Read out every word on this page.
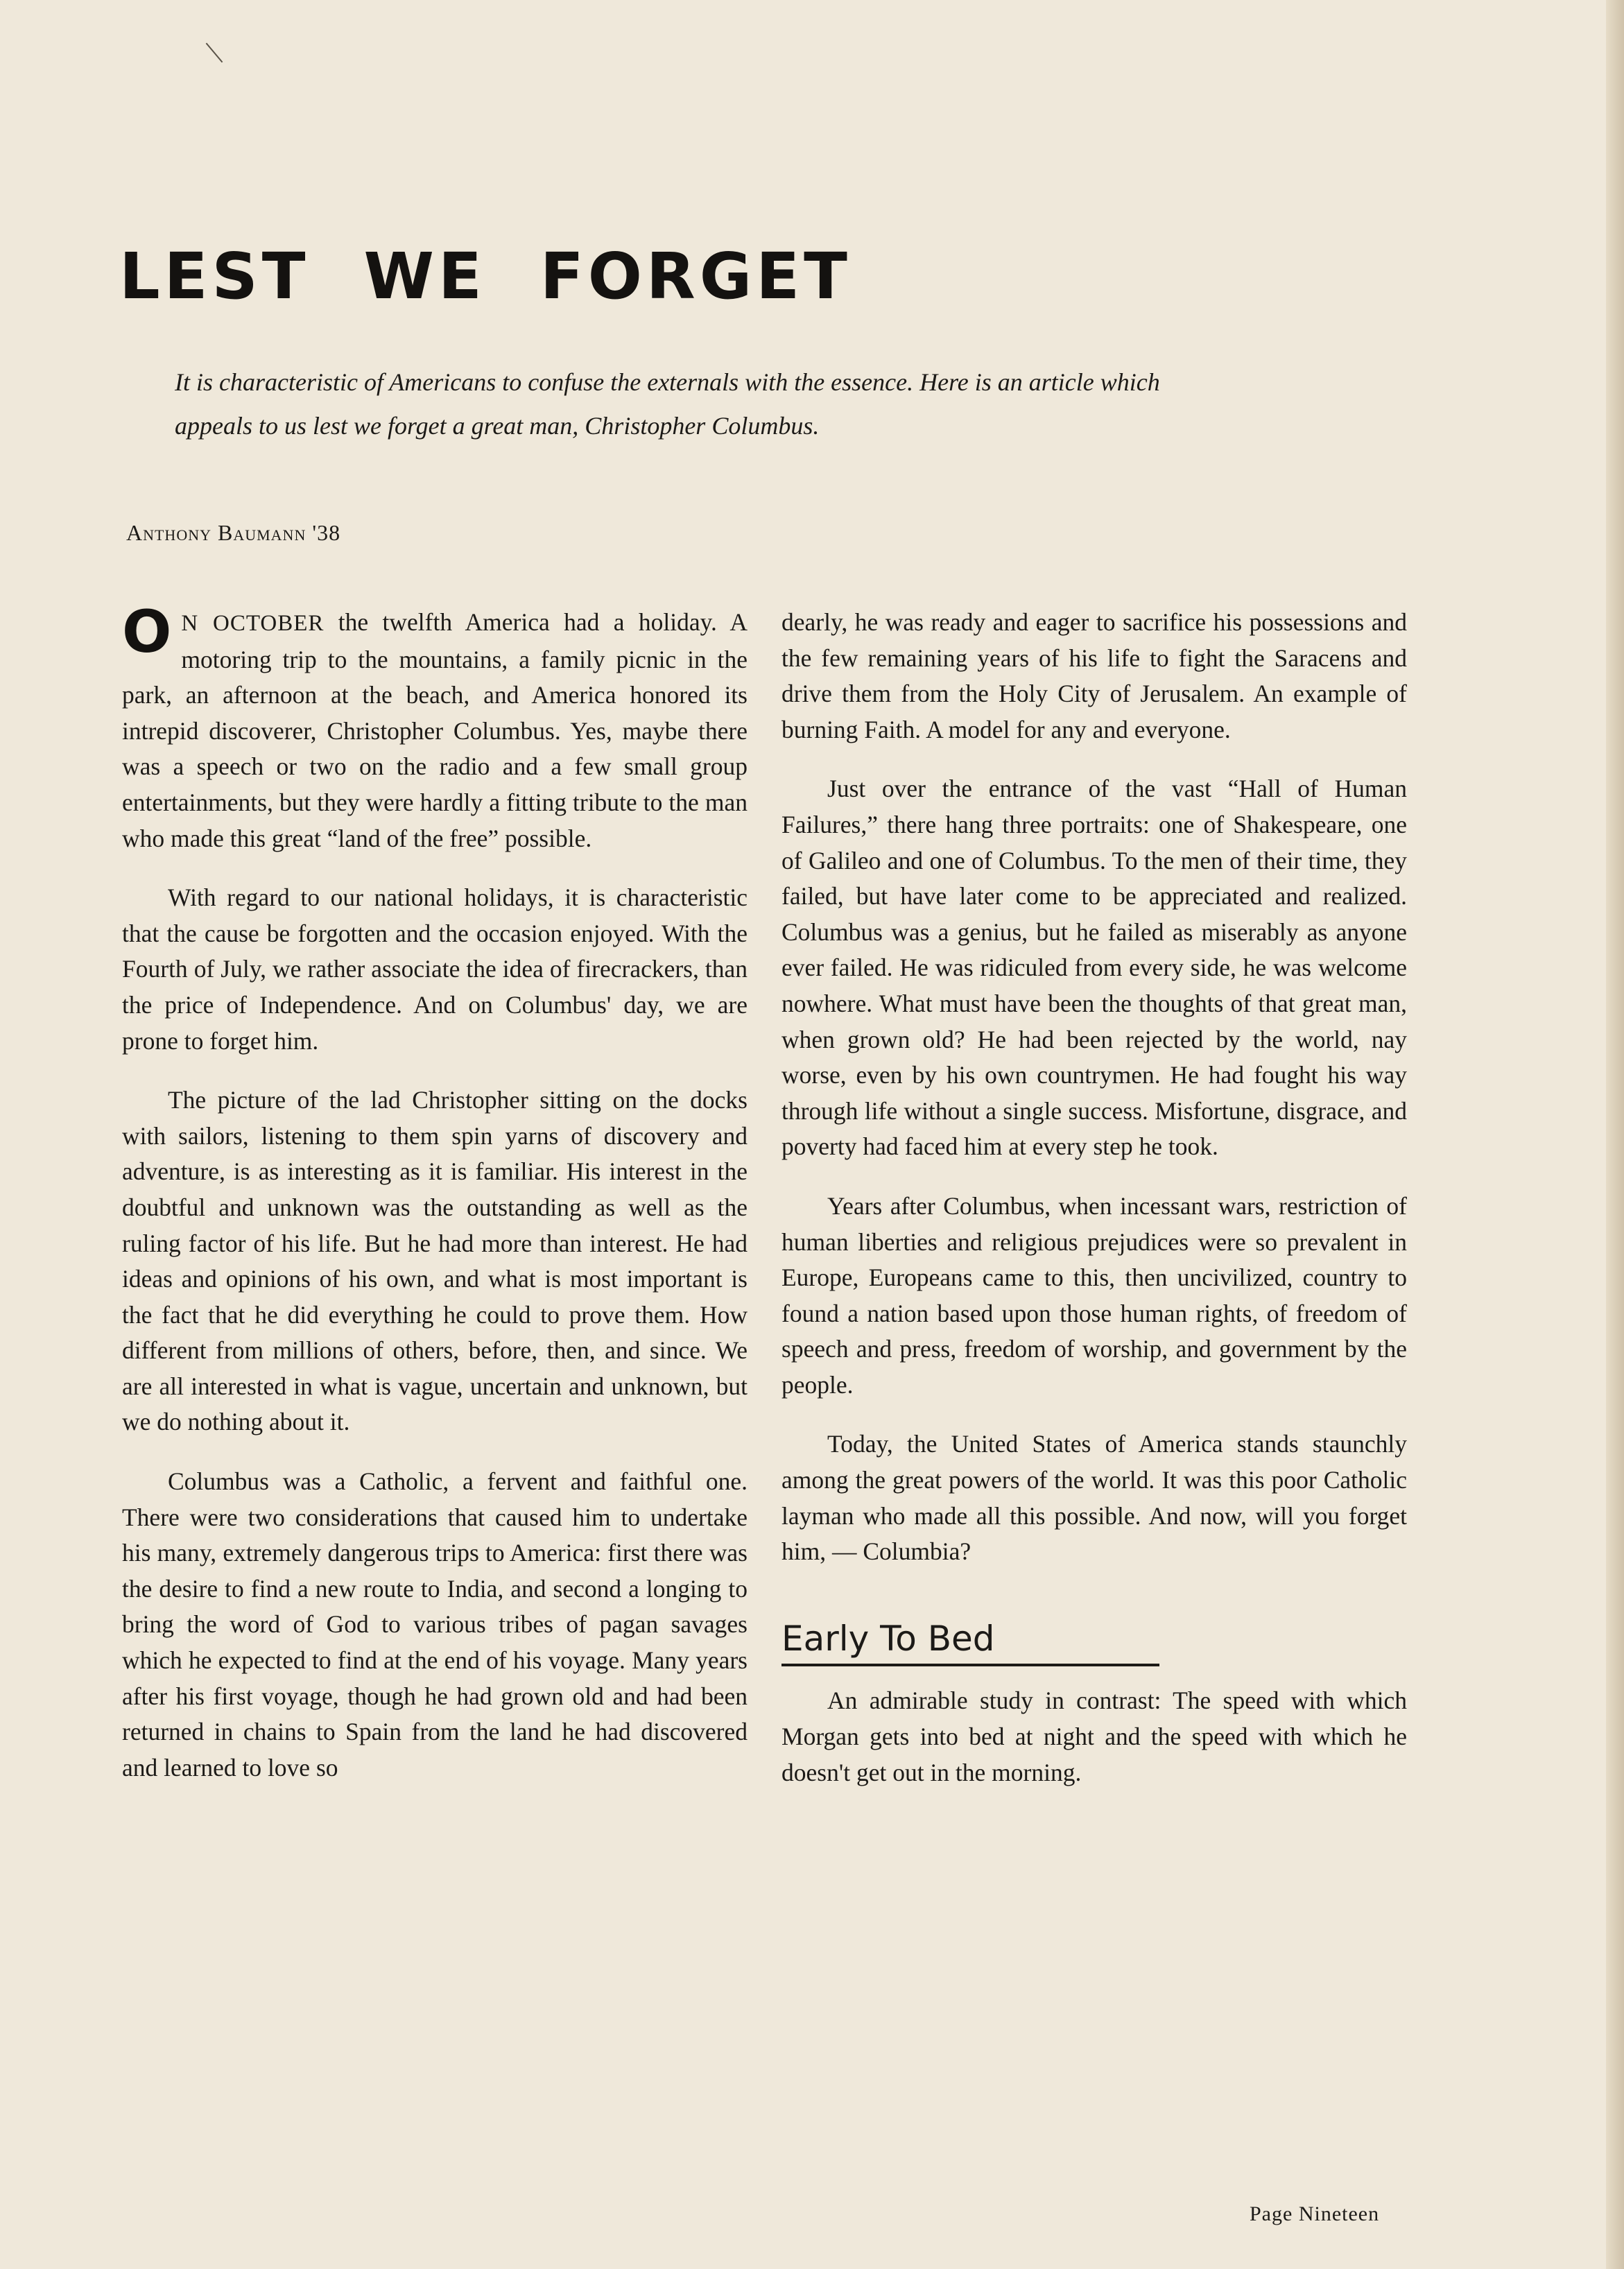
LEST WE FORGET

It is characteristic of Americans to confuse the externals with the essence. Here is an article which appeals to us lest we forget a great man, Christopher Columbus.

Anthony Baumann '38

O N OCTOBER the twelfth America had a holiday. A motoring trip to the mountains, a family picnic in the park, an afternoon at the beach, and America honored its intrepid discoverer, Christopher Columbus. Yes, maybe there was a speech or two on the radio and a few small group entertainments, but they were hardly a fitting tribute to the man who made this great “land of the free” possible.

With regard to our national holidays, it is characteristic that the cause be forgotten and the occasion enjoyed. With the Fourth of July, we rather associate the idea of firecrackers, than the price of Independence. And on Columbus' day, we are prone to forget him.

The picture of the lad Christopher sitting on the docks with sailors, listening to them spin yarns of discovery and adventure, is as interesting as it is familiar. His interest in the doubtful and unknown was the outstanding as well as the ruling factor of his life. But he had more than interest. He had ideas and opinions of his own, and what is most important is the fact that he did everything he could to prove them. How different from millions of others, before, then, and since. We are all interested in what is vague, uncertain and unknown, but we do nothing about it.

Columbus was a Catholic, a fervent and faithful one. There were two considerations that caused him to undertake his many, extremely dangerous trips to America: first there was the desire to find a new route to India, and second a longing to bring the word of God to various tribes of pagan savages which he expected to find at the end of his voyage. Many years after his first voyage, though he had grown old and had been returned in chains to Spain from the land he had discovered and learned to love so

dearly, he was ready and eager to sacrifice his possessions and the few remaining years of his life to fight the Saracens and drive them from the Holy City of Jerusalem. An example of burning Faith. A model for any and everyone.

Just over the entrance of the vast “Hall of Human Failures,” there hang three portraits: one of Shakespeare, one of Galileo and one of Columbus. To the men of their time, they failed, but have later come to be appreciated and realized. Columbus was a genius, but he failed as miserably as anyone ever failed. He was ridiculed from every side, he was welcome nowhere. What must have been the thoughts of that great man, when grown old? He had been rejected by the world, nay worse, even by his own countrymen. He had fought his way through life without a single success. Misfortune, disgrace, and poverty had faced him at every step he took.

Years after Columbus, when incessant wars, restriction of human liberties and religious prejudices were so prevalent in Europe, Europeans came to this, then uncivilized, country to found a nation based upon those human rights, of freedom of speech and press, freedom of worship, and government by the people.

Today, the United States of America stands staunchly among the great powers of the world. It was this poor Catholic layman who made all this possible. And now, will you forget him, — Columbia?

Early To Bed

An admirable study in contrast: The speed with which Morgan gets into bed at night and the speed with which he doesn't get out in the morning.

Page Nineteen
